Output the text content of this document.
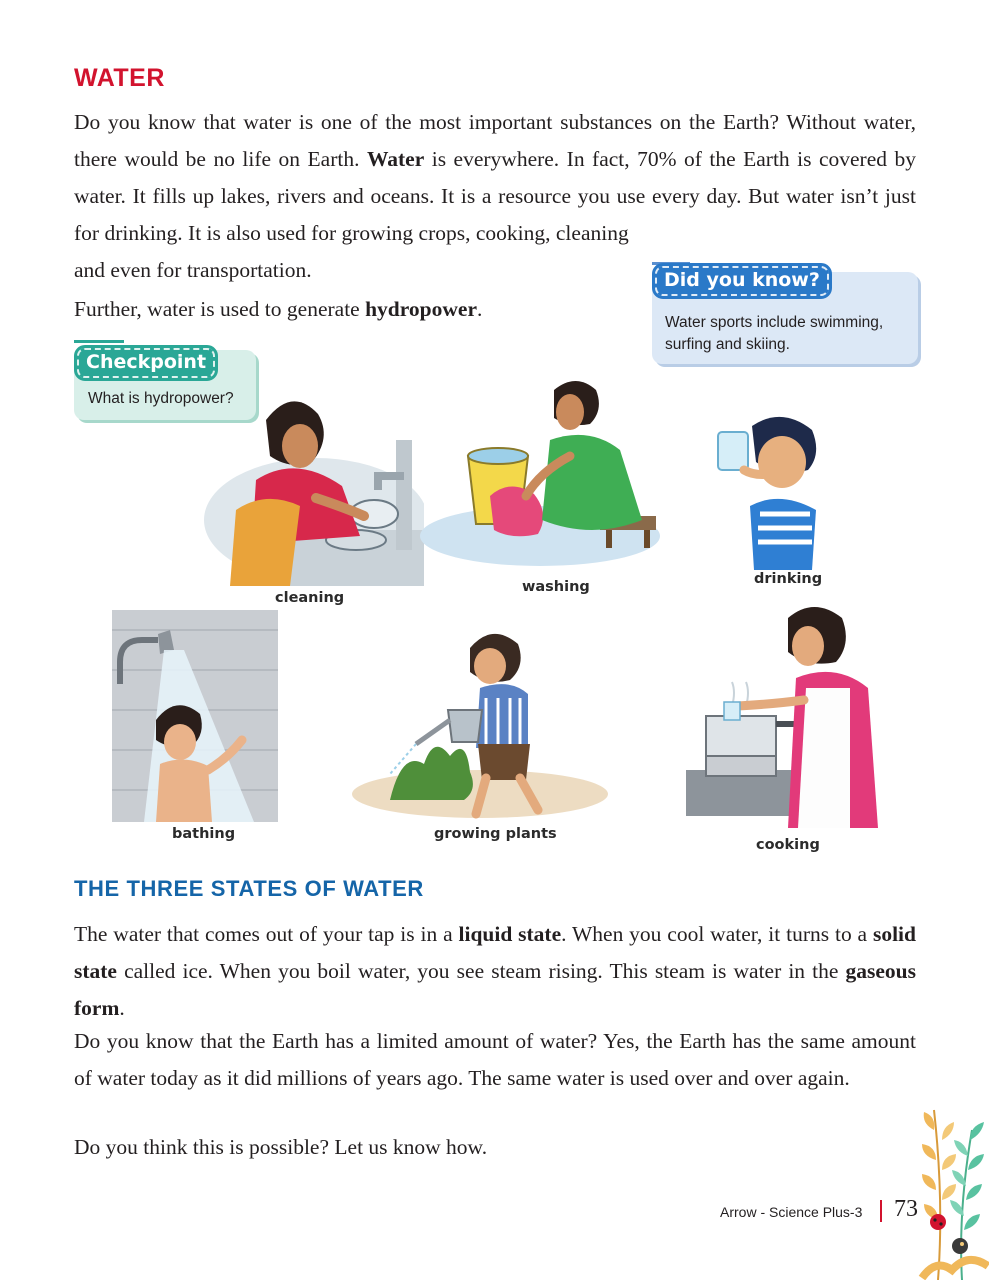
WATER

Do you know that water is one of the most important substances on the Earth? Without water, there would be no life on Earth. Water is everywhere. In fact, 70% of the Earth is covered by water. It fills up lakes, rivers and oceans. It is a resource you use every day. But water isn’t just for drinking. It is also used for growing crops, cooking, cleaning

and even for transportation.

Further, water is used to generate hydropower.

Water sports include swimming,
surfing and skiing.
Did you know?
What is hydropower?
Checkpoint
cleaning
washing	drinking
bathing	growing plants
cooking
THE THREE STATES OF WATER

The water that comes out of your tap is in a liquid state. When you cool water, it turns to a solid state called ice. When you boil water, you see steam rising. This steam is water in the gaseous form.

Do you know that the Earth has a limited amount of water? Yes, the Earth has the same amount of water today as it did millions of years ago. The same water is used over and over again.

Do you think this is possible? Let us know how.

Arrow - Science Plus-3 73
